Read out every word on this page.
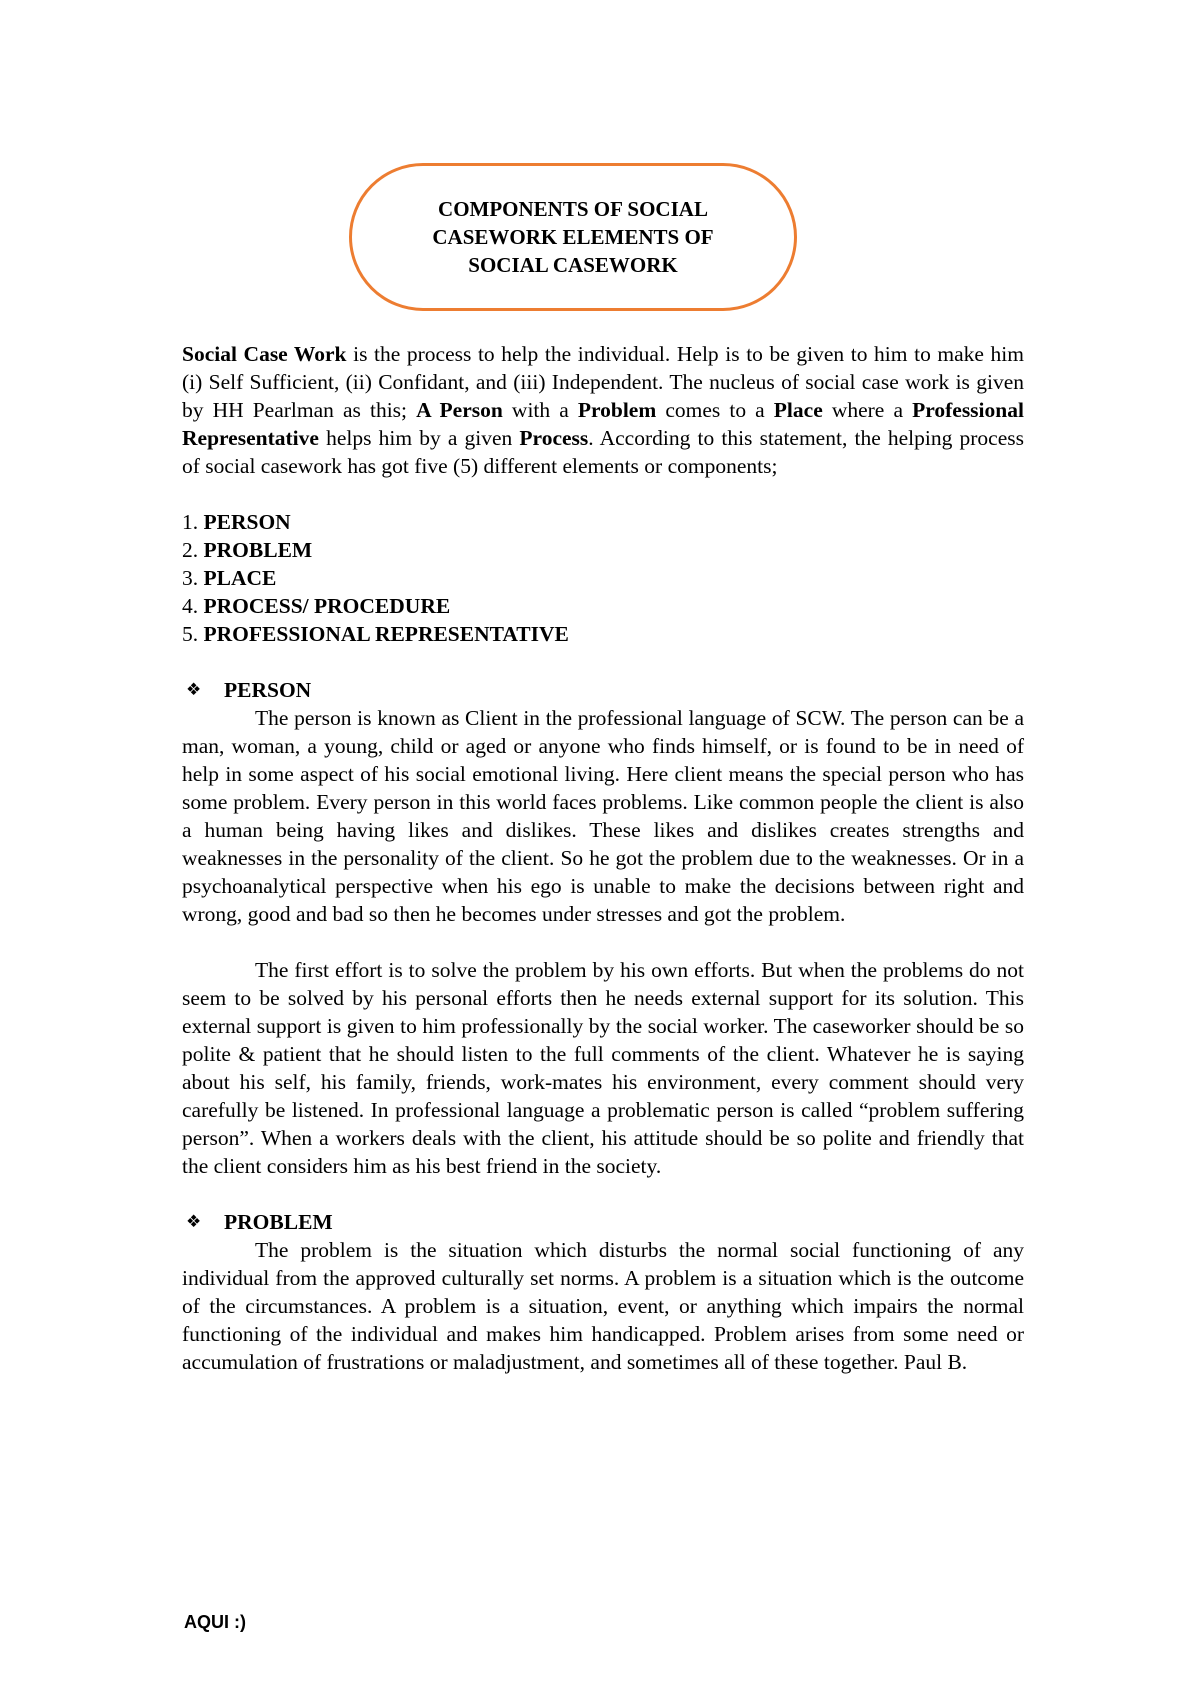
COMPONENTS OF SOCIAL
CASEWORK ELEMENTS OF
SOCIAL CASEWORK

Social Case Work is the process to help the individual. Help is to be given to him to make him (i) Self Sufficient, (ii) Confidant, and (iii) Independent. The nucleus of social case work is given by HH Pearlman as this; A Person with a Problem comes to a Place where a Professional Representative helps him by a given Process. According to this statement, the helping process of social casework has got five (5) different elements or components;

1. PERSON
2. PROBLEM
3. PLACE
4. PROCESS/ PROCEDURE
5. PROFESSIONAL REPRESENTATIVE
❖ PERSON

The person is known as Client in the professional language of SCW. The person can be a man, woman, a young, child or aged or anyone who finds himself, or is found to be in need of help in some aspect of his social emotional living. Here client means the special person who has some problem. Every person in this world faces problems. Like common people the client is also a human being having likes and dislikes. These likes and dislikes creates strengths and weaknesses in the personality of the client. So he got the problem due to the weaknesses. Or in a psychoanalytical perspective when his ego is unable to make the decisions between right and wrong, good and bad so then he becomes under stresses and got the problem.

The first effort is to solve the problem by his own efforts. But when the problems do not seem to be solved by his personal efforts then he needs external support for its solution. This external support is given to him professionally by the social worker. The caseworker should be so polite & patient that he should listen to the full comments of the client. Whatever he is saying about his self, his family, friends, work-mates his environment, every comment should very carefully be listened. In professional language a problematic person is called “problem suffering person”. When a workers deals with the client, his attitude should be so polite and friendly that the client considers him as his best friend in the society.

❖ PROBLEM

The problem is the situation which disturbs the normal social functioning of any individual from the approved culturally set norms. A problem is a situation which is the outcome of the circumstances. A problem is a situation, event, or anything which impairs the normal functioning of the individual and makes him handicapped. Problem arises from some need or accumulation of frustrations or maladjustment, and sometimes all of these together. Paul B.

AQUI :)
